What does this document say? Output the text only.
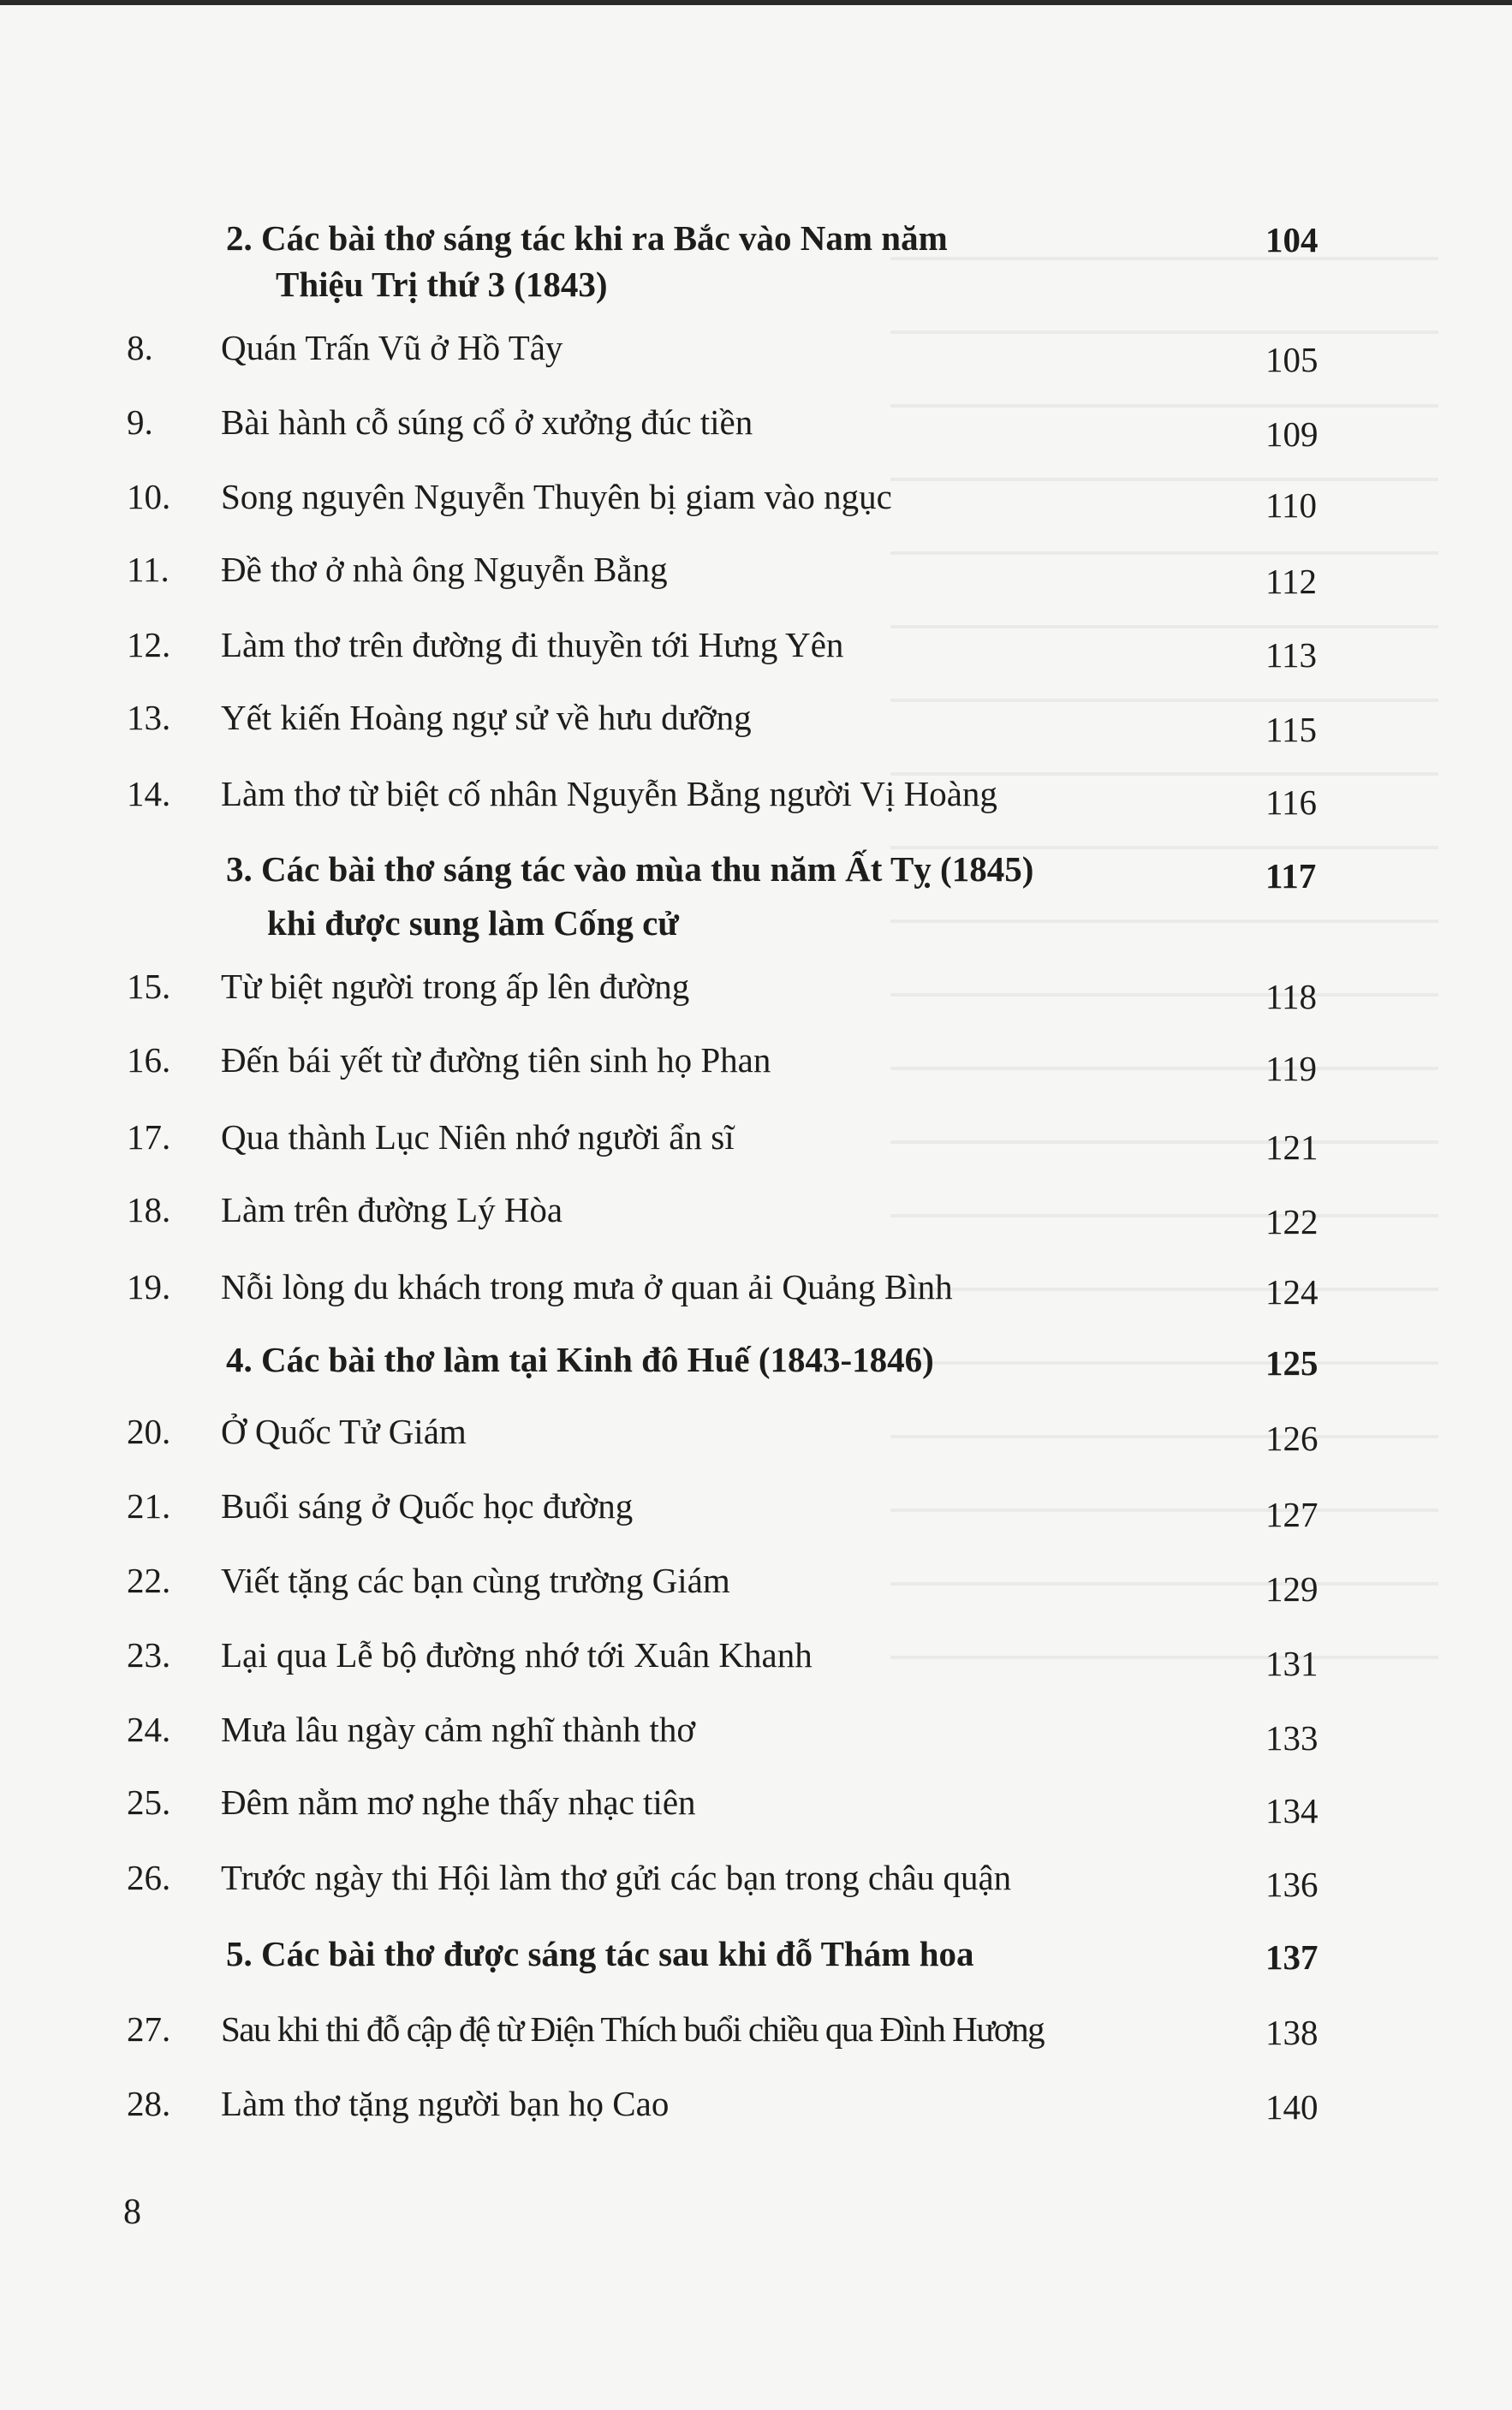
2. Các bài thơ sáng tác khi ra Bắc vào Nam năm	104
Thiệu Trị thứ 3 (1843)
8.	Quán Trấn Vũ ở Hồ Tây	105
9.	Bài hành cỗ súng cổ ở xưởng đúc tiền	109
10.	Song nguyên Nguyễn Thuyên bị giam vào ngục	110
11.	Đề thơ ở nhà ông Nguyễn Bằng	112
12.	Làm thơ trên đường đi thuyền tới Hưng Yên	113
13.	Yết kiến Hoàng ngự sử về hưu dưỡng	115
14.	Làm thơ từ biệt cố nhân Nguyễn Bằng người Vị Hoàng	116
3. Các bài thơ sáng tác vào mùa thu năm Ất Tỵ (1845)	117
khi được sung làm Cống cử
15.	Từ biệt người trong ấp lên đường	118
16.	Đến bái yết từ đường tiên sinh họ Phan	119
17.	Qua thành Lục Niên nhớ người ẩn sĩ	121
18.	Làm trên đường Lý Hòa	122
19.	Nỗi lòng du khách trong mưa ở quan ải Quảng Bình	124
4. Các bài thơ làm tại Kinh đô Huế (1843-1846)	125
20.	Ở Quốc Tử Giám	126
21.	Buổi sáng ở Quốc học đường	127
22.	Viết tặng các bạn cùng trường Giám	129
23.	Lại qua Lễ bộ đường nhớ tới Xuân Khanh	131
24.	Mưa lâu ngày cảm nghĩ thành thơ	133
25.	Đêm nằm mơ nghe thấy nhạc tiên	134
26.	Trước ngày thi Hội làm thơ gửi các bạn trong châu quận	136
5. Các bài thơ được sáng tác sau khi đỗ Thám hoa	137
27.	Sau khi thi đỗ cập đệ từ Điện Thích buổi chiều qua Đình Hương	138
28.	Làm thơ tặng người bạn họ Cao	140
8
